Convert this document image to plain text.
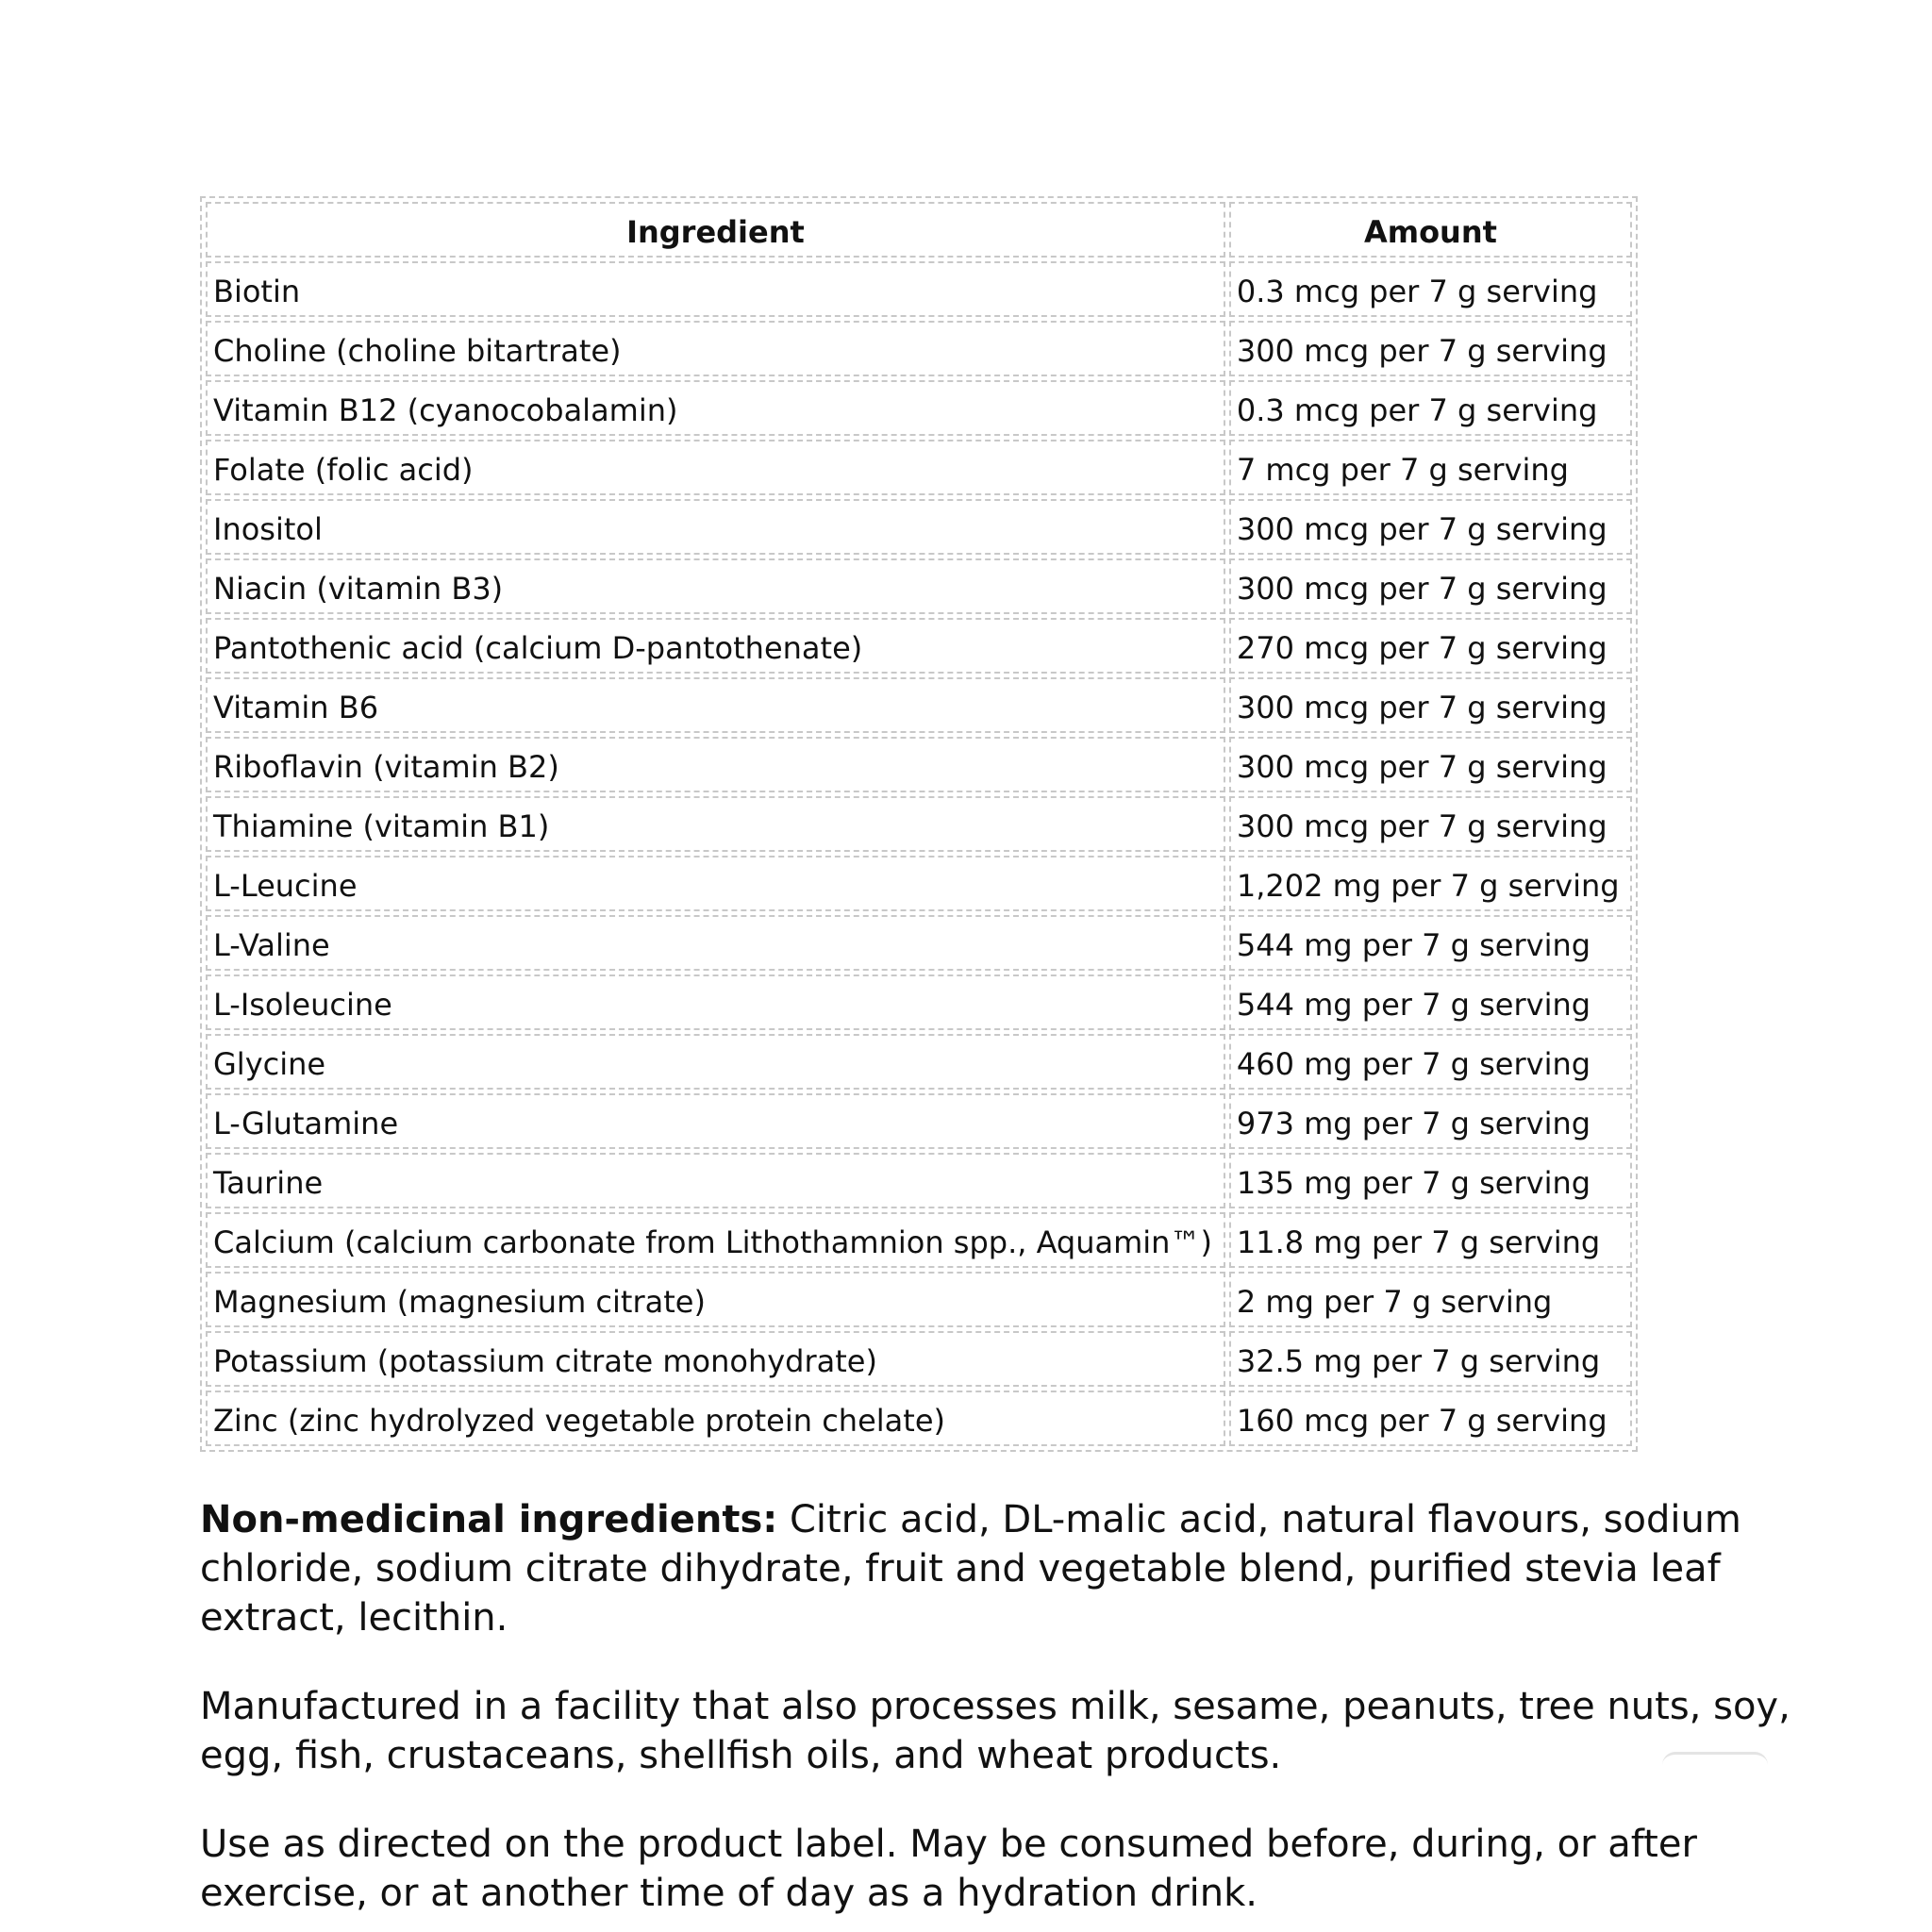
Ingredient	Amount
Biotin	0.3 mcg per 7 g serving
Choline (choline bitartrate)	300 mcg per 7 g serving
Vitamin B12 (cyanocobalamin)	0.3 mcg per 7 g serving
Folate (folic acid)	7 mcg per 7 g serving
Inositol	300 mcg per 7 g serving
Niacin (vitamin B3)	300 mcg per 7 g serving
Pantothenic acid (calcium D-pantothenate)	270 mcg per 7 g serving
Vitamin B6	300 mcg per 7 g serving
Riboflavin (vitamin B2)	300 mcg per 7 g serving
Thiamine (vitamin B1)	300 mcg per 7 g serving
L-Leucine	1,202 mg per 7 g serving
L-Valine	544 mg per 7 g serving
L-Isoleucine	544 mg per 7 g serving
Glycine	460 mg per 7 g serving
L-Glutamine	973 mg per 7 g serving
Taurine	135 mg per 7 g serving
Calcium (calcium carbonate from Lithothamnion spp., Aquamin™)	11.8 mg per 7 g serving
Magnesium (magnesium citrate)	2 mg per 7 g serving
Potassium (potassium citrate monohydrate)	32.5 mg per 7 g serving
Zinc (zinc hydrolyzed vegetable protein chelate)	160 mcg per 7 g serving

Non-medicinal ingredients: Citric acid, DL-malic acid, natural flavours, sodium chloride, sodium citrate dihydrate, fruit and vegetable blend, purified stevia leaf extract, lecithin.

Manufactured in a facility that also processes milk, sesame, peanuts, tree nuts, soy, egg, fish, crustaceans, shellfish oils, and wheat products.

Use as directed on the product label. May be consumed before, during, or after exercise, or at another time of day as a hydration drink.
